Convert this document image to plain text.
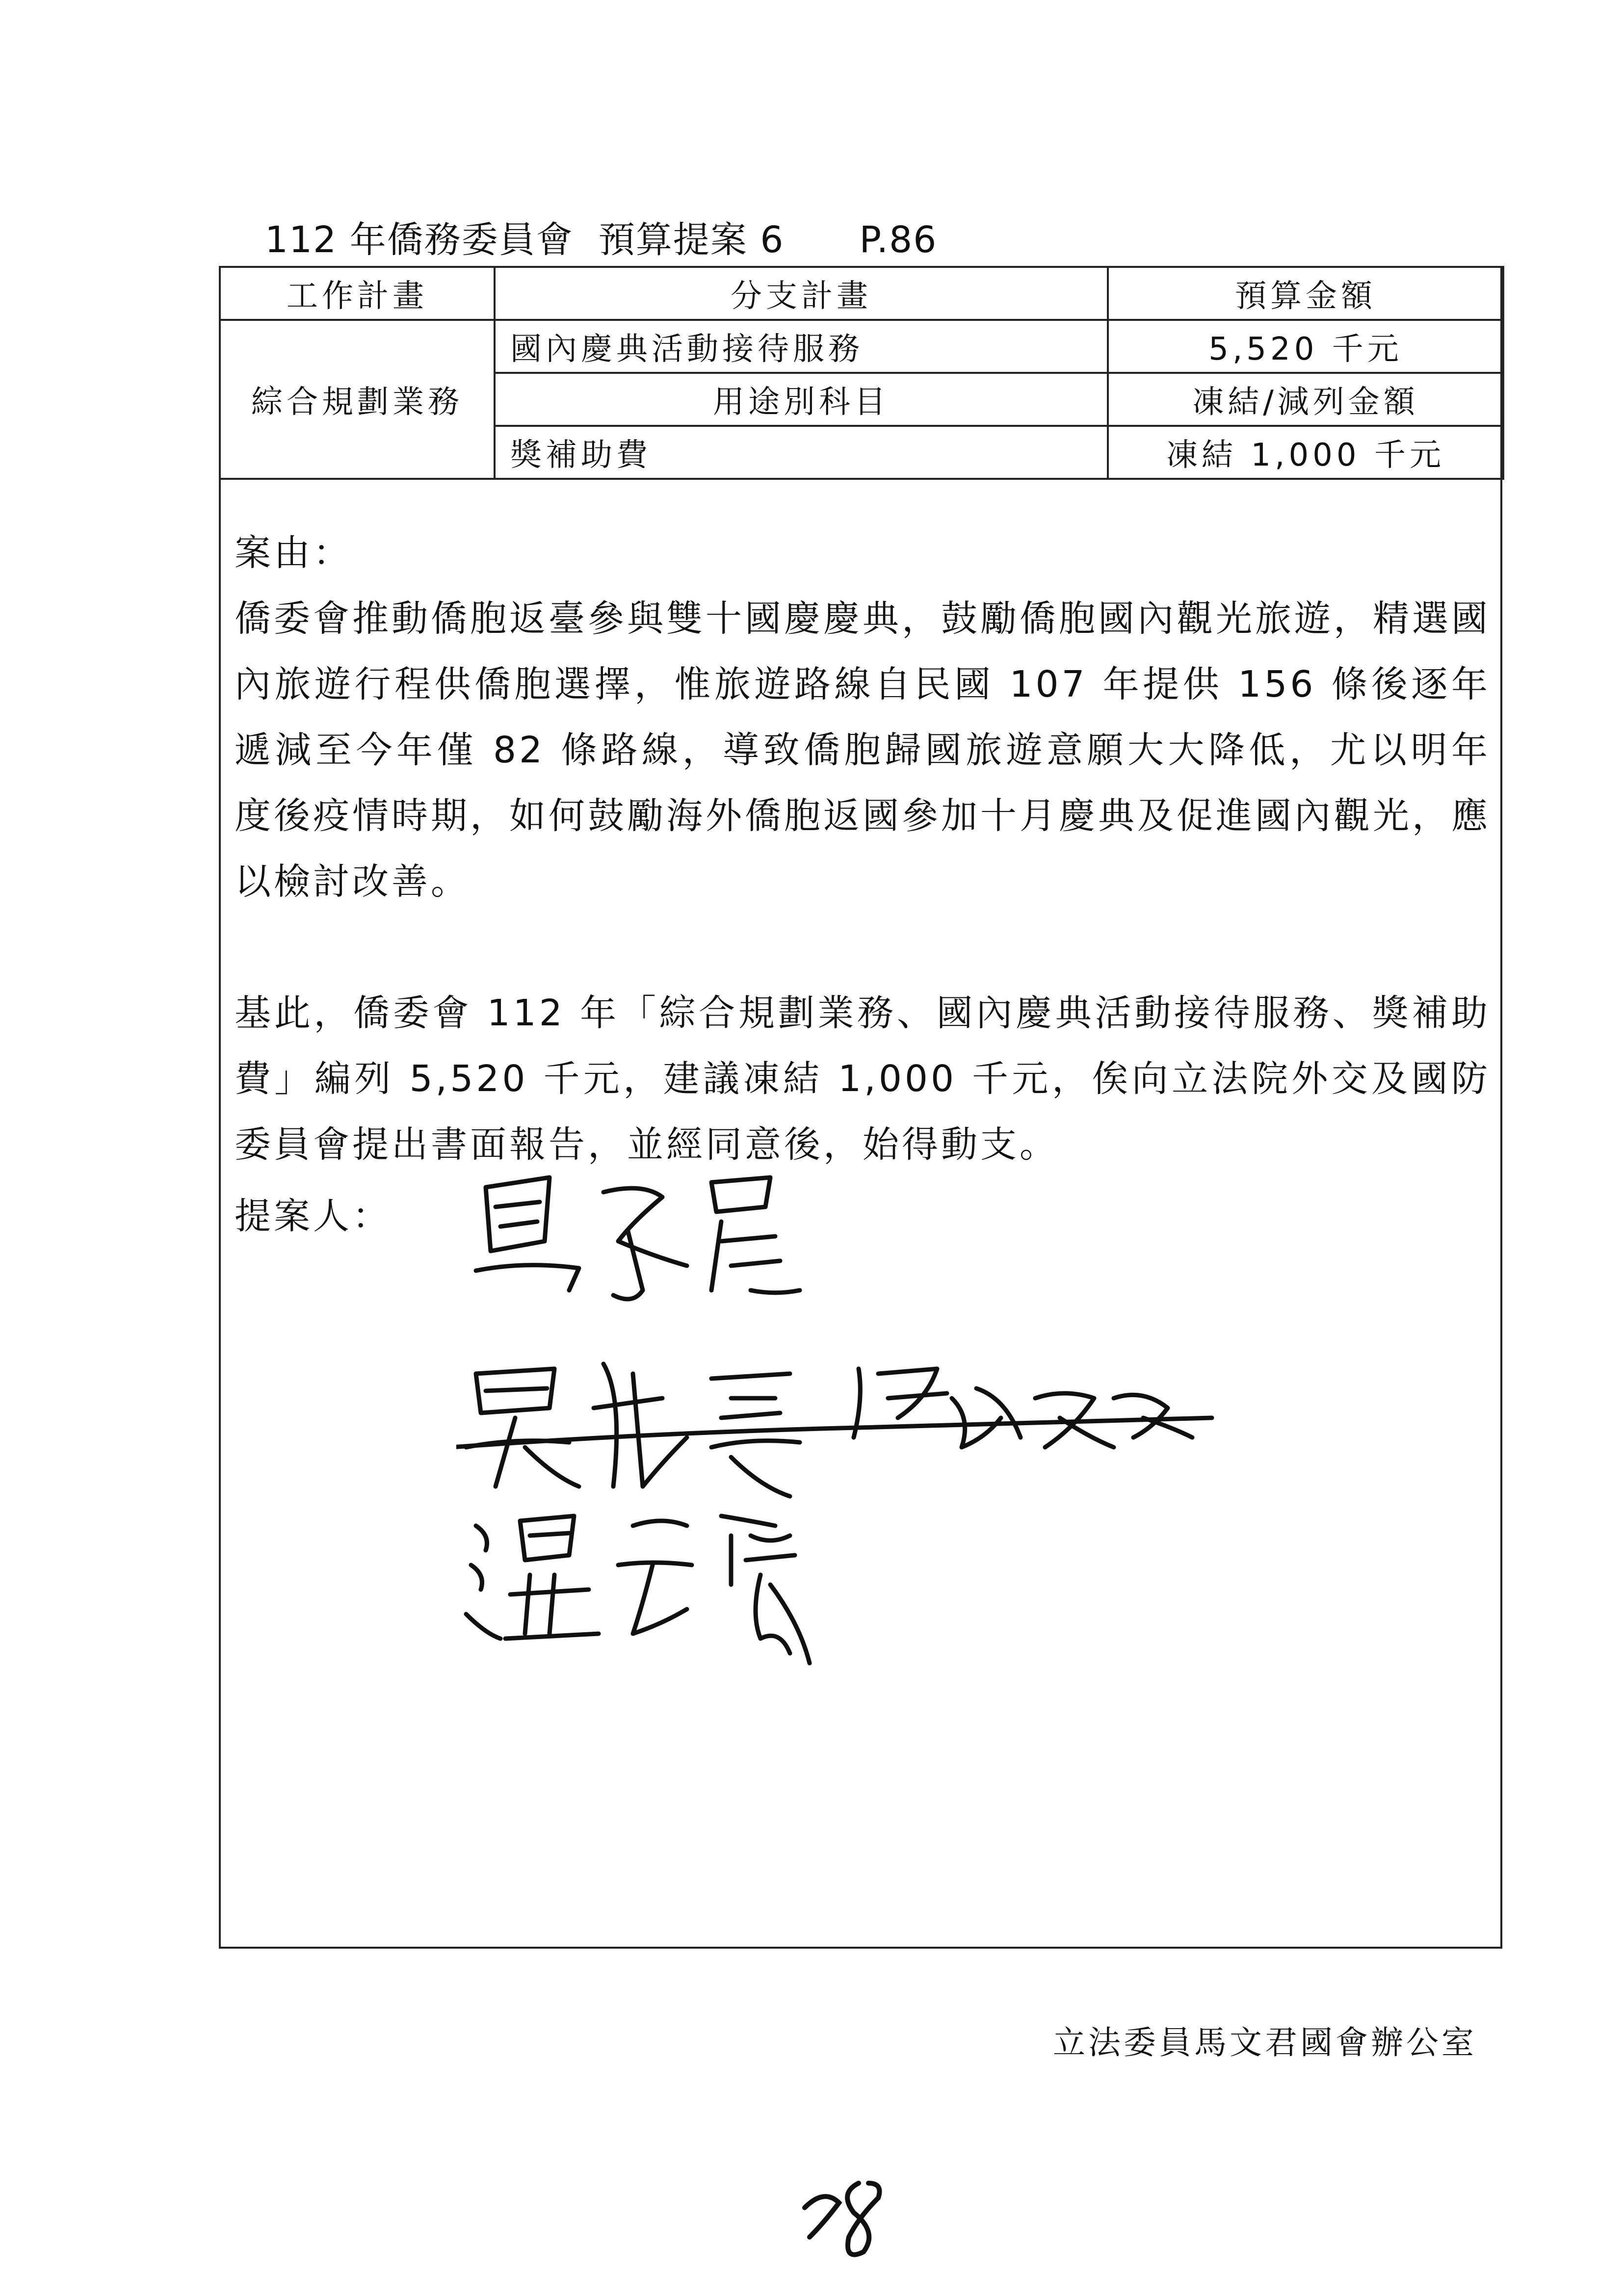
112 年僑務委員會  預算提案 6      P.86
工作計畫	分支計畫	預算金額
綜合規劃業務	國內慶典活動接待服務	5,520 千元
	用途別科目	凍結/減列金額
	獎補助費	凍結 1,000 千元

案由：

僑委會推動僑胞返臺參與雙十國慶慶典，鼓勵僑胞國內觀光旅遊，精選國內旅遊行程供僑胞選擇，惟旅遊路線自民國 107 年提供 156 條後逐年遞減至今年僅 82 條路線，導致僑胞歸國旅遊意願大大降低，尤以明年度後疫情時期，如何鼓勵海外僑胞返國參加十月慶典及促進國內觀光，應以檢討改善。

基此，僑委會 112 年「綜合規劃業務、國內慶典活動接待服務、獎補助費」編列 5,520 千元，建議凍結 1,000 千元，俟向立法院外交及國防委員會提出書面報告，並經同意後，始得動支。

提案人：
立法委員馬文君國會辦公室
